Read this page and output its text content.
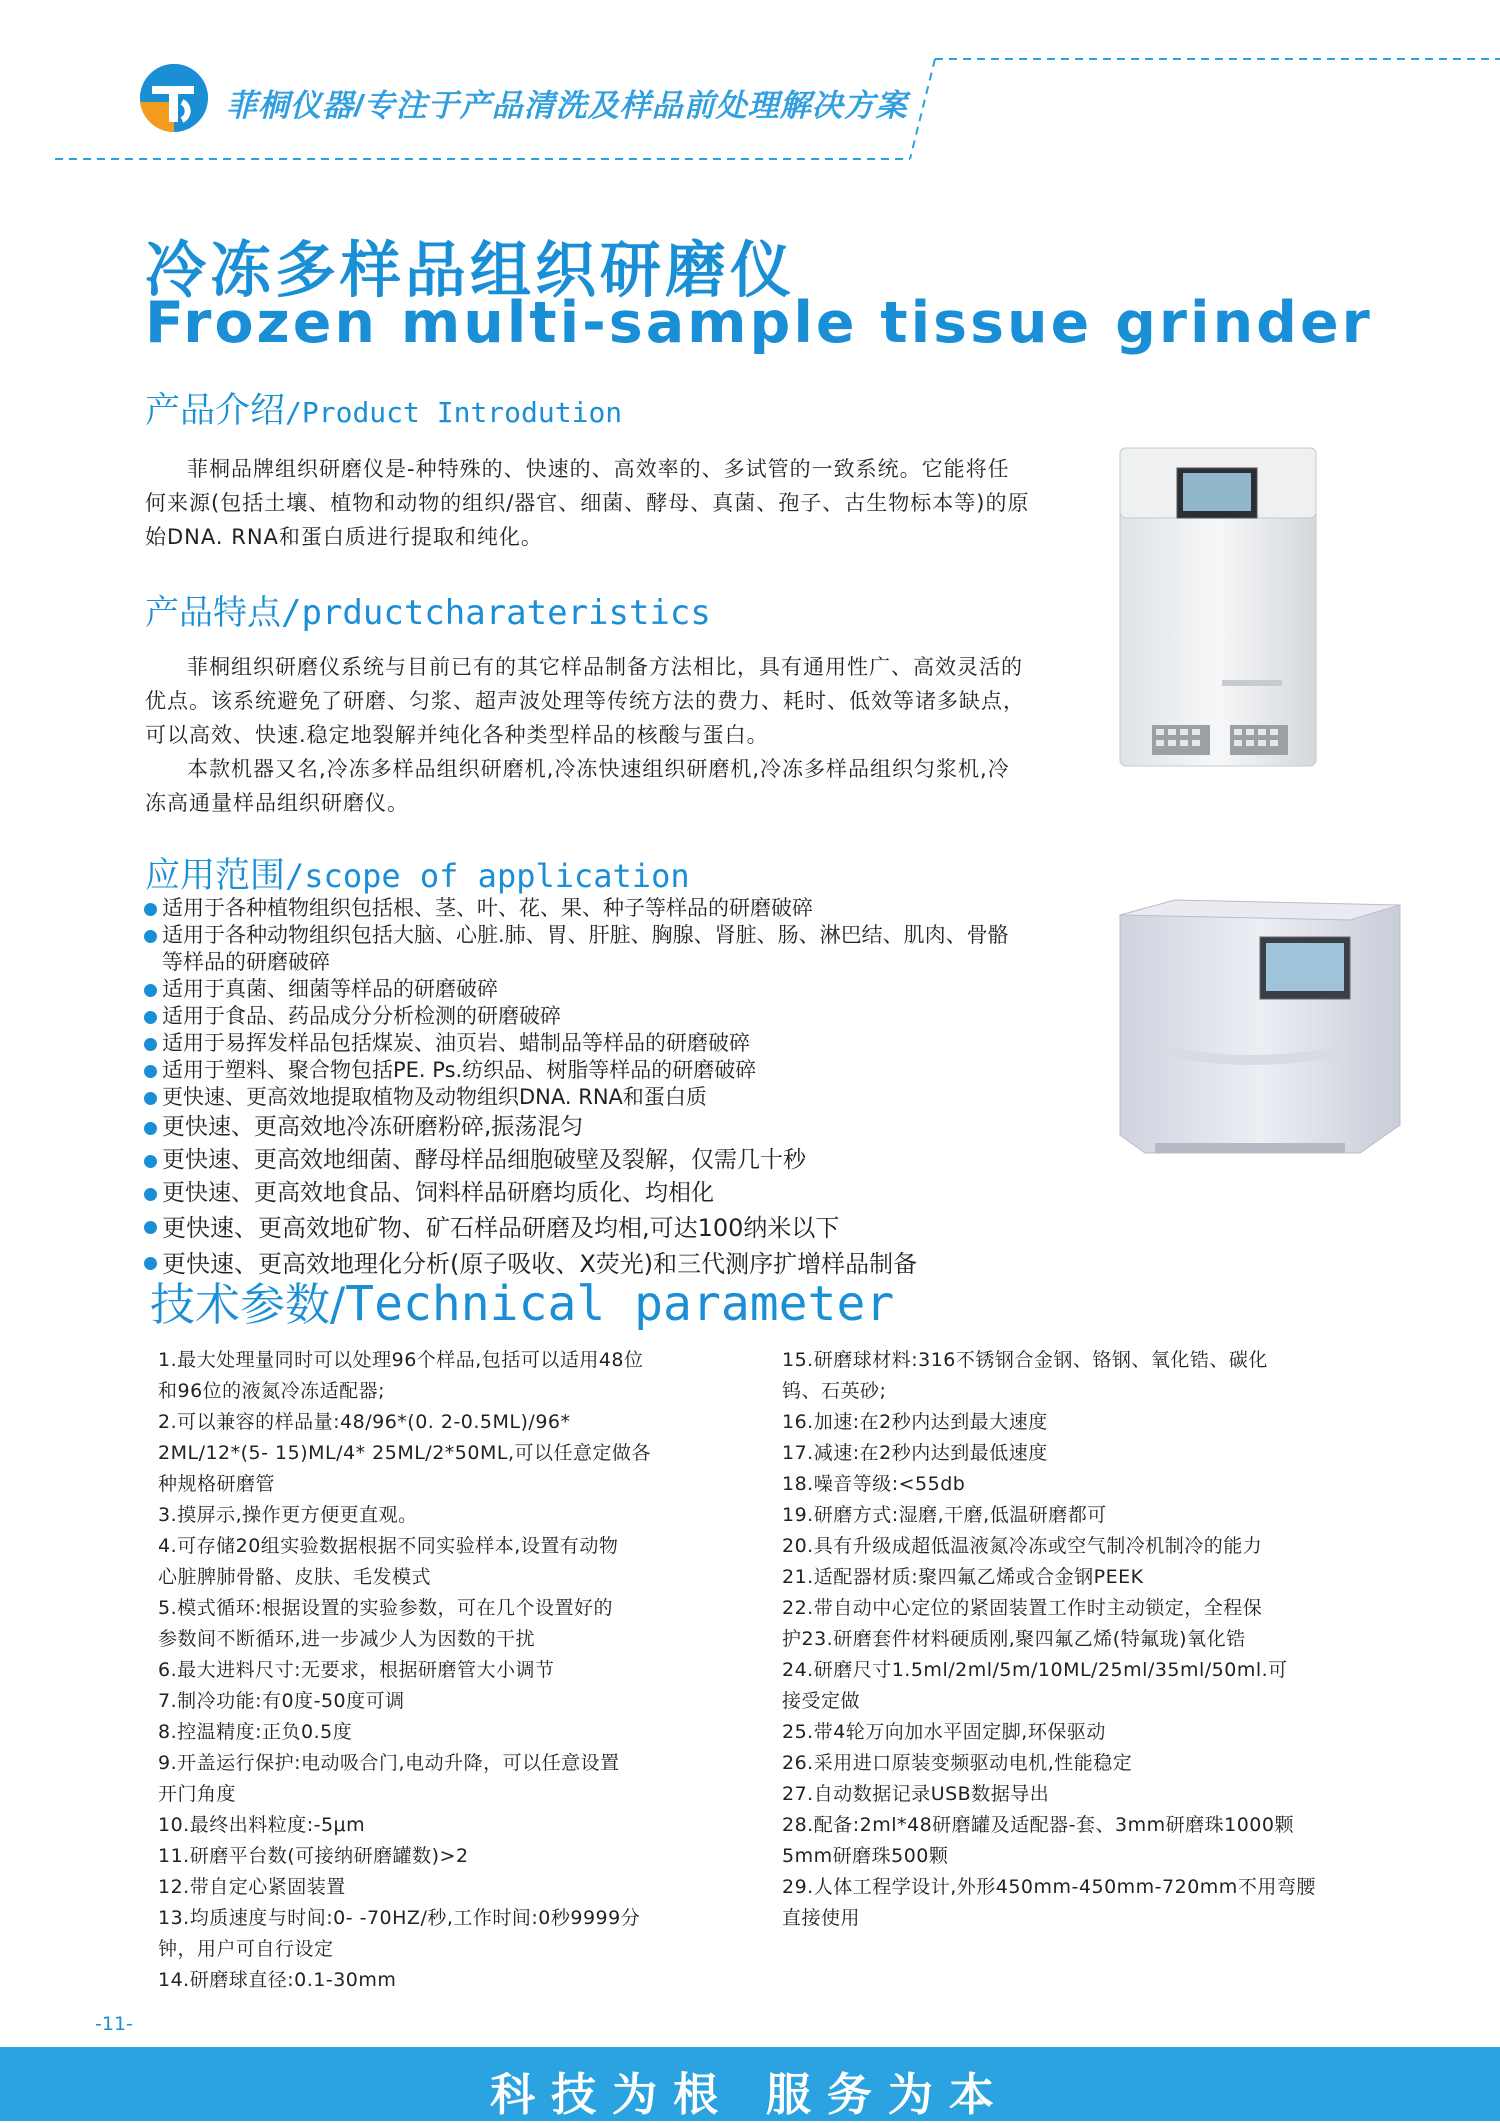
菲桐仪器/专注于产品清洗及样品前处理解决方案
冷冻多样品组织研磨仪
Frozen multi-sample tissue grinder
产品介绍/Product Introdution

菲桐品牌组织研磨仪是-种特殊的、快速的、高效率的、多试管的一致系统。它能将任何来源(包括土壤、植物和动物的组织/器官、细菌、酵母、真菌、孢子、古生物标本等)的原始DNA. RNA和蛋白质进行提取和纯化。

产品特点/prductcharateristics

菲桐组织研磨仪系统与目前已有的其它样品制备方法相比，具有通用性广、高效灵活的优点。该系统避免了研磨、匀浆、超声波处理等传统方法的费力、耗时、低效等诸多缺点，可以高效、快速.稳定地裂解并纯化各种类型样品的核酸与蛋白。

本款机器又名,冷冻多样品组织研磨机,冷冻快速组织研磨机,冷冻多样品组织匀浆机,冷冻高通量样品组织研磨仪。

应用范围/scope of application
适用于各种植物组织包括根、茎、叶、花、果、种子等样品的研磨破碎
适用于各种动物组织包括大脑、心脏.肺、胃、肝脏、胸腺、肾脏、肠、淋巴结、肌肉、骨骼等样品的研磨破碎
适用于真菌、细菌等样品的研磨破碎
适用于食品、药品成分分析检测的研磨破碎
适用于易挥发样品包括煤炭、油页岩、蜡制品等样品的研磨破碎
适用于塑料、聚合物包括PE. Ps.纺织品、树脂等样品的研磨破碎
更快速、更高效地提取植物及动物组织DNA. RNA和蛋白质
更快速、更高效地冷冻研磨粉碎,振荡混匀
更快速、更高效地细菌、酵母样品细胞破壁及裂解，仅需几十秒
更快速、更高效地食品、饲料样品研磨均质化、均相化
更快速、更高效地矿物、矿石样品研磨及均相,可达100纳米以下
更快速、更高效地理化分析(原子吸收、X荧光)和三代测序扩增样品制备
技术参数/Technical parameter
1.最大处理量同时可以处理96个样品,包括可以适用48位
和96位的液氮冷冻适配器;
2.可以兼容的样品量:48/96*(0. 2-0.5ML)/96*
2ML/12*(5- 15)ML/4* 25ML/2*50ML,可以任意定做各
种规格研磨管
3.摸屏示,操作更方便更直观。
4.可存储20组实验数据根据不同实验样本,设置有动物
心脏脾肺骨骼、皮肤、毛发模式
5.模式循环:根据设置的实验参数，可在几个设置好的
参数间不断循环,进一步减少人为因数的干扰
6.最大进料尺寸:无要求，根据研磨管大小调节
7.制冷功能:有0度-50度可调
8.控温精度:正负0.5度
9.开盖运行保护:电动吸合门,电动升降，可以任意设置
开门角度
10.最终出料粒度:-5μm
11.研磨平台数(可接纳研磨罐数)>2
12.带自定心紧固装置
13.均质速度与时间:0- -70HZ/秒,工作时间:0秒9999分
钟，用户可自行设定
14.研磨球直径:0.1-30mm
15.研磨球材料:316不锈钢合金钢、铬钢、氧化锆、碳化
钨、石英砂;
16.加速:在2秒内达到最大速度
17.减速:在2秒内达到最低速度
18.噪音等级:<55db
19.研磨方式:湿磨,干磨,低温研磨都可
20.具有升级成超低温液氮冷冻或空气制冷机制冷的能力
21.适配器材质:聚四氟乙烯或合金钢PEEK
22.带自动中心定位的紧固装置工作时主动锁定，全程保
护23.研磨套件材料硬质刚,聚四氟乙烯(特氟珑)氧化锆
24.研磨尺寸1.5ml/2ml/5m/10ML/25ml/35ml/50ml.可
接受定做
25.带4轮万向加水平固定脚,环保驱动
26.采用进口原装变频驱动电机,性能稳定
27.自动数据记录USB数据导出
28.配备:2ml*48研磨罐及适配器-套、3mm研磨珠1000颗
5mm研磨珠500颗
29.人体工程学设计,外形450mm-450mm-720mm不用弯腰
直接使用
-11-
科技为根 服务为本
